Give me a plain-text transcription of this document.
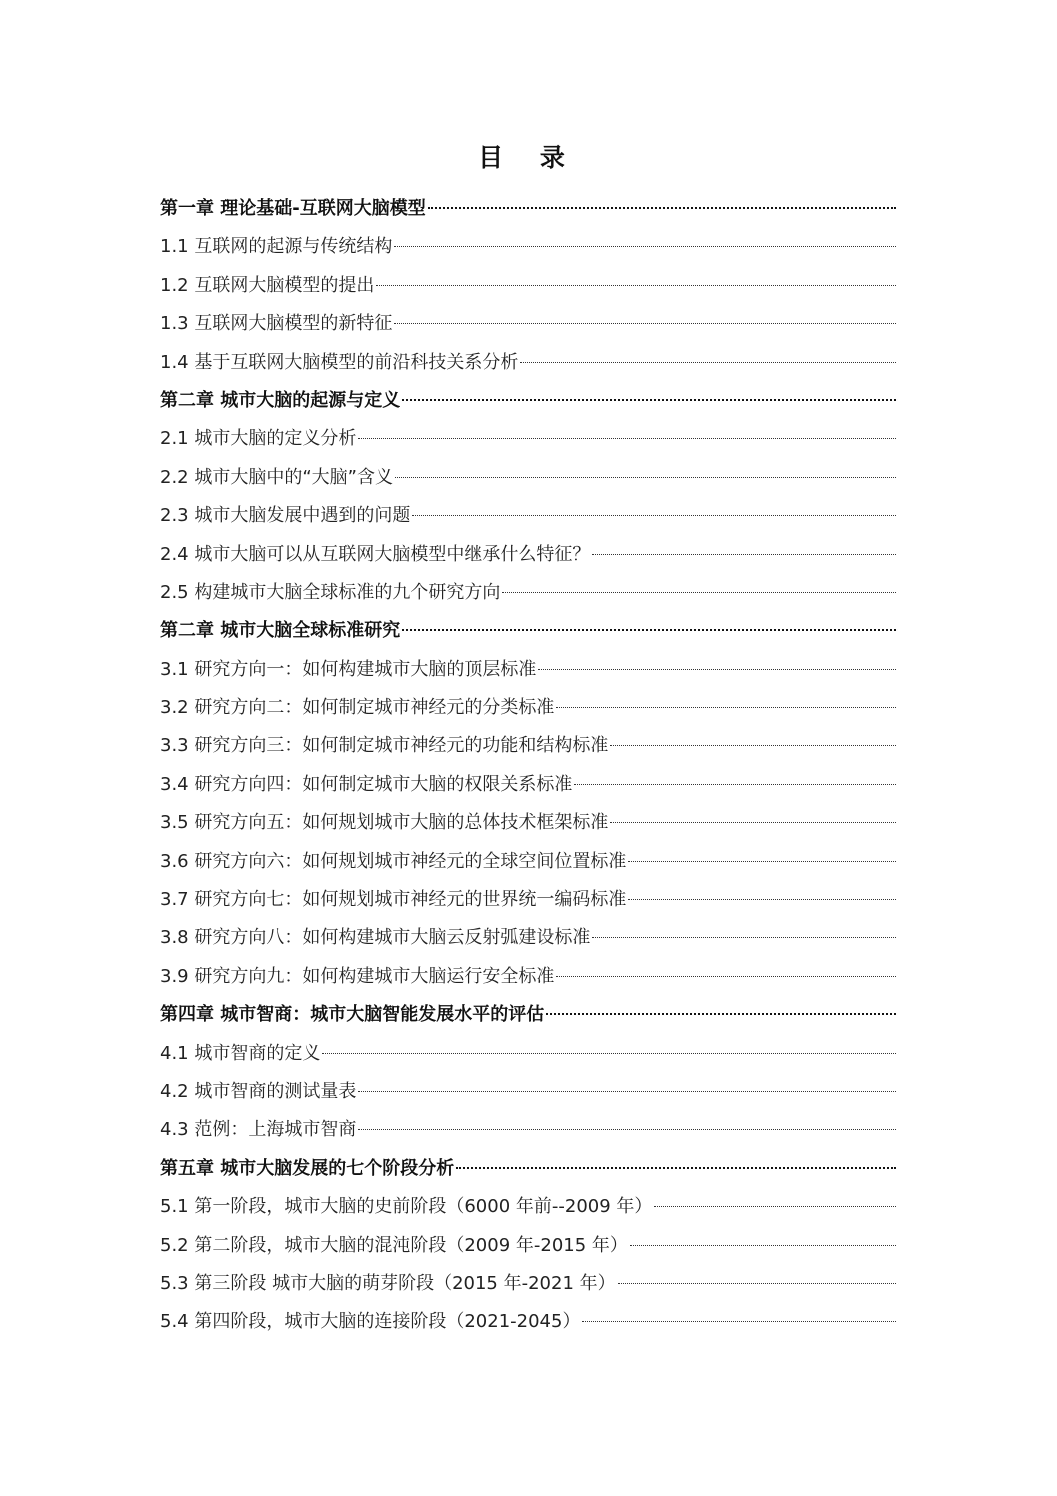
目 录
第一章 理论基础-互联网大脑模型
1.1 互联网的起源与传统结构
1.2 互联网大脑模型的提出
1.3 互联网大脑模型的新特征
1.4 基于互联网大脑模型的前沿科技关系分析
第二章 城市大脑的起源与定义
2.1 城市大脑的定义分析
2.2 城市大脑中的“大脑”含义
2.3 城市大脑发展中遇到的问题
2.4 城市大脑可以从互联网大脑模型中继承什么特征？
2.5 构建城市大脑全球标准的九个研究方向
第二章 城市大脑全球标准研究
3.1 研究方向一：如何构建城市大脑的顶层标准
3.2 研究方向二：如何制定城市神经元的分类标准
3.3 研究方向三：如何制定城市神经元的功能和结构标准
3.4 研究方向四：如何制定城市大脑的权限关系标准
3.5 研究方向五：如何规划城市大脑的总体技术框架标准
3.6 研究方向六：如何规划城市神经元的全球空间位置标准
3.7 研究方向七：如何规划城市神经元的世界统一编码标准
3.8 研究方向八：如何构建城市大脑云反射弧建设标准
3.9 研究方向九：如何构建城市大脑运行安全标准
第四章 城市智商：城市大脑智能发展水平的评估
4.1 城市智商的定义
4.2 城市智商的测试量表
4.3 范例：上海城市智商
第五章 城市大脑发展的七个阶段分析
5.1 第一阶段，城市大脑的史前阶段（6000 年前--2009 年）
5.2 第二阶段，城市大脑的混沌阶段（2009 年-2015 年）
5.3 第三阶段 城市大脑的萌芽阶段（2015 年-2021 年）
5.4 第四阶段，城市大脑的连接阶段（2021-2045）
